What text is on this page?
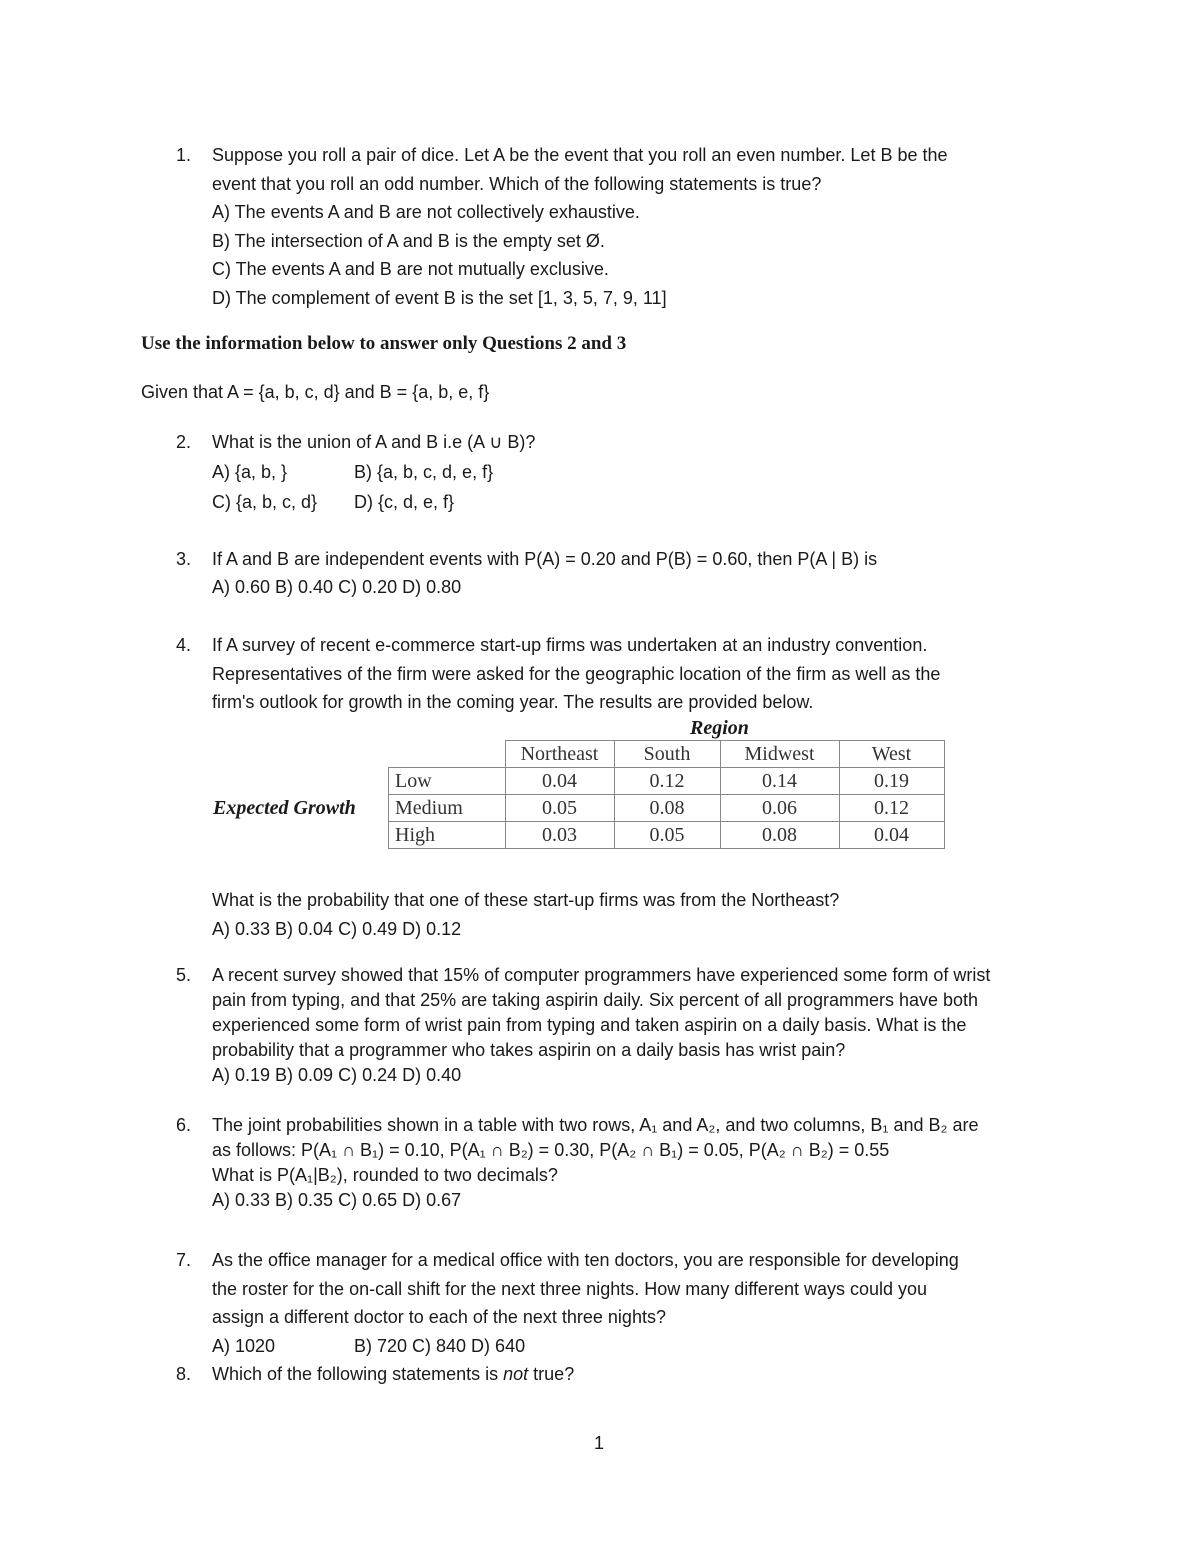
1.	Suppose you roll a pair of dice. Let A be the event that you roll an even number. Let B be the
event that you roll an odd number. Which of the following statements is true?
A) The events A and B are not collectively exhaustive.
B) The intersection of A and B is the empty set Ø.
C) The events A and B are not mutually exclusive.
D) The complement of event B is the set [1, 3, 5, 7, 9, 11]
Use the information below to answer only Questions 2 and 3
Given that A = {a, b, c, d} and B = {a, b, e, f}
2.	What is the union of A and B i.e (A ∪ B)?
A) {a, b, }	B) {a, b, c, d, e, f}
C) {a, b, c, d} D) {c, d, e, f}
3.	If A and B are independent events with P(A) = 0.20 and P(B) = 0.60, then P(A | B) is
A) 0.60 B) 0.40 C) 0.20 D) 0.80
4.	If A survey of recent e-commerce start-up firms was undertaken at an industry convention.
Representatives of the firm were asked for the geographic location of the firm as well as the
firm's outlook for growth in the coming year. The results are provided below.
Region
Expected Growth
	Northeast	South	Midwest	West
Low	0.04	0.12	0.14	0.19
Medium	0.05	0.08	0.06	0.12
High	0.03	0.05	0.08	0.04
What is the probability that one of these start-up firms was from the Northeast?
A) 0.33 B) 0.04 C) 0.49 D) 0.12
5.	A recent survey showed that 15% of computer programmers have experienced some form of wrist
pain from typing, and that 25% are taking aspirin daily. Six percent of all programmers have both
experienced some form of wrist pain from typing and taken aspirin on a daily basis. What is the
probability that a programmer who takes aspirin on a daily basis has wrist pain?
A) 0.19 B) 0.09 C) 0.24 D) 0.40
6.	The joint probabilities shown in a table with two rows, A₁ and A₂, and two columns, B₁ and B₂ are
as follows: P(A₁ ∩ B₁) = 0.10, P(A₁ ∩ B₂) = 0.30, P(A₂ ∩ B₁) = 0.05, P(A₂ ∩ B₂) = 0.55
What is P(A₁|B₂), rounded to two decimals?
A) 0.33 B) 0.35 C) 0.65 D) 0.67
7.	As the office manager for a medical office with ten doctors, you are responsible for developing
the roster for the on-call shift for the next three nights. How many different ways could you
assign a different doctor to each of the next three nights?
A) 1020	B) 720 C) 840 D) 640
8.	Which of the following statements is not true?
1
